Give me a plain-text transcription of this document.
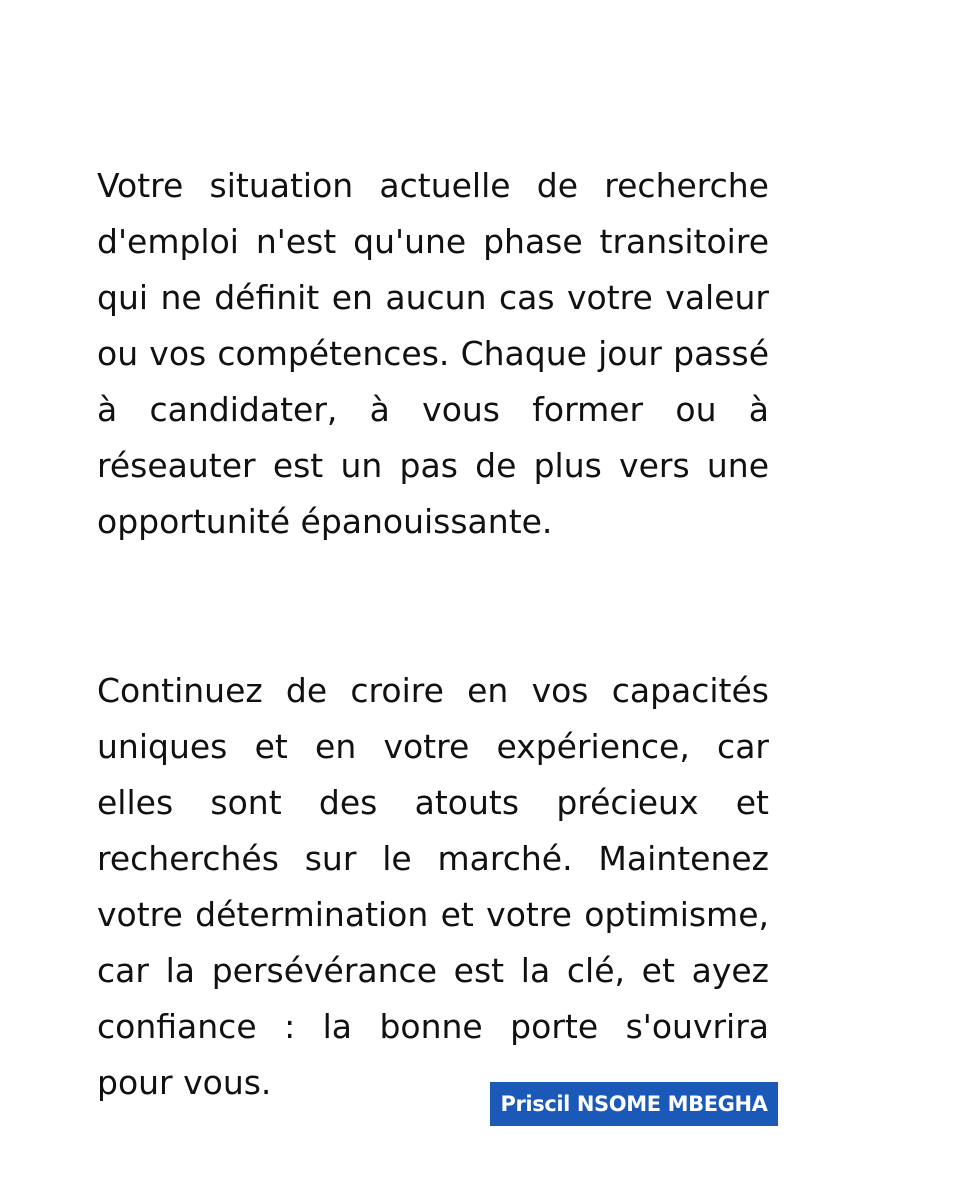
Votre situation actuelle de recherche d'emploi n'est qu'une phase transitoire qui ne définit en aucun cas votre valeur ou vos compétences. Chaque jour passé à candidater, à vous former ou à réseauter est un pas de plus vers une opportunité épanouissante.

Continuez de croire en vos capacités uniques et en votre expérience, car elles sont des atouts précieux et recherchés sur le marché. Maintenez votre détermination et votre optimisme, car la persévérance est la clé, et ayez confiance : la bonne porte s'ouvrira pour vous.

Priscil NSOME MBEGHA
